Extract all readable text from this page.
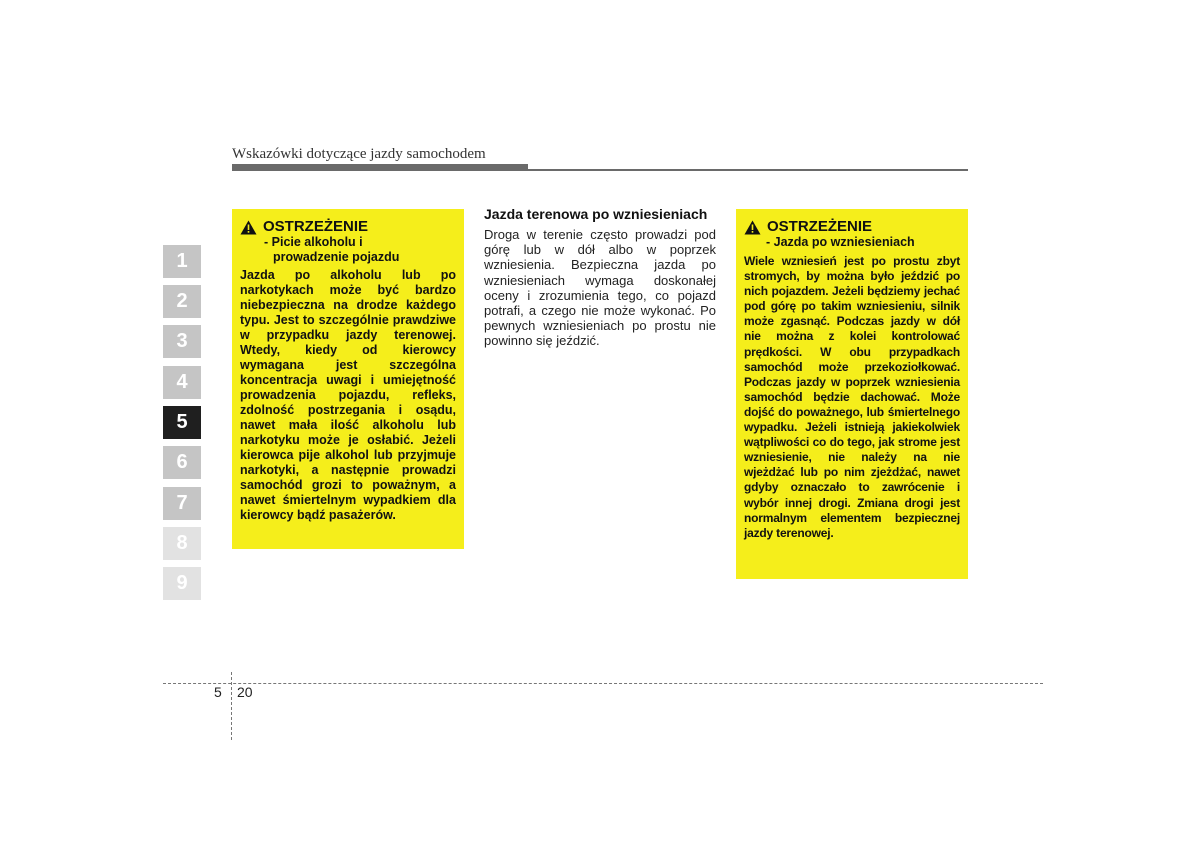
Wskazówki dotyczące jazdy samochodem
1
2
3
4
5
6
7
8
9
OSTRZEŻENIE
- Picie alkoholu i
prowadzenie pojazdu
Jazda po alkoholu lub po narkotykach może być bardzo niebezpieczna na drodze każdego typu. Jest to szczególnie prawdziwe w przypadku jazdy terenowej. Wtedy, kiedy od kierowcy wymagana jest szczególna koncentracja uwagi i umiejętność prowadzenia pojazdu, refleks, zdolność postrzegania i osądu, nawet mała ilość alkoholu lub narkotyku może je osłabić. Jeżeli kierowca pije alkohol lub przyjmuje narkotyki, a następnie prowadzi samochód grozi to poważnym, a nawet śmiertelnym wypadkiem dla kierowcy bądź pasażerów.
Jazda terenowa po wzniesieniach
Droga w terenie często prowadzi pod górę lub w dół albo w poprzek wzniesienia. Bezpieczna jazda po wzniesieniach wymaga doskonałej oceny i zrozumienia tego, co pojazd potrafi, a czego nie może wykonać. Po pewnych wzniesieniach po prostu nie powinno się jeździć.
OSTRZEŻENIE
- Jazda po wzniesieniach
Wiele wzniesień jest po prostu zbyt stromych, by można było jeździć po nich pojazdem. Jeżeli będziemy jechać pod górę po takim wzniesieniu, silnik może zgasnąć. Podczas jazdy w dół nie można z kolei kontrolować prędkości. W obu przypadkach samochód może przekoziołkować. Podczas jazdy w poprzek wzniesienia samochód będzie dachować. Może dojść do poważnego, lub śmiertelnego wypadku. Jeżeli istnieją jakiekolwiek wątpliwości co do tego, jak strome jest wzniesienie, nie należy na nie wjeżdżać lub po nim zjeżdżać, nawet gdyby oznaczało to zawrócenie i wybór innej drogi. Zmiana drogi jest normalnym elementem bezpiecznej jazdy terenowej.
5 20
